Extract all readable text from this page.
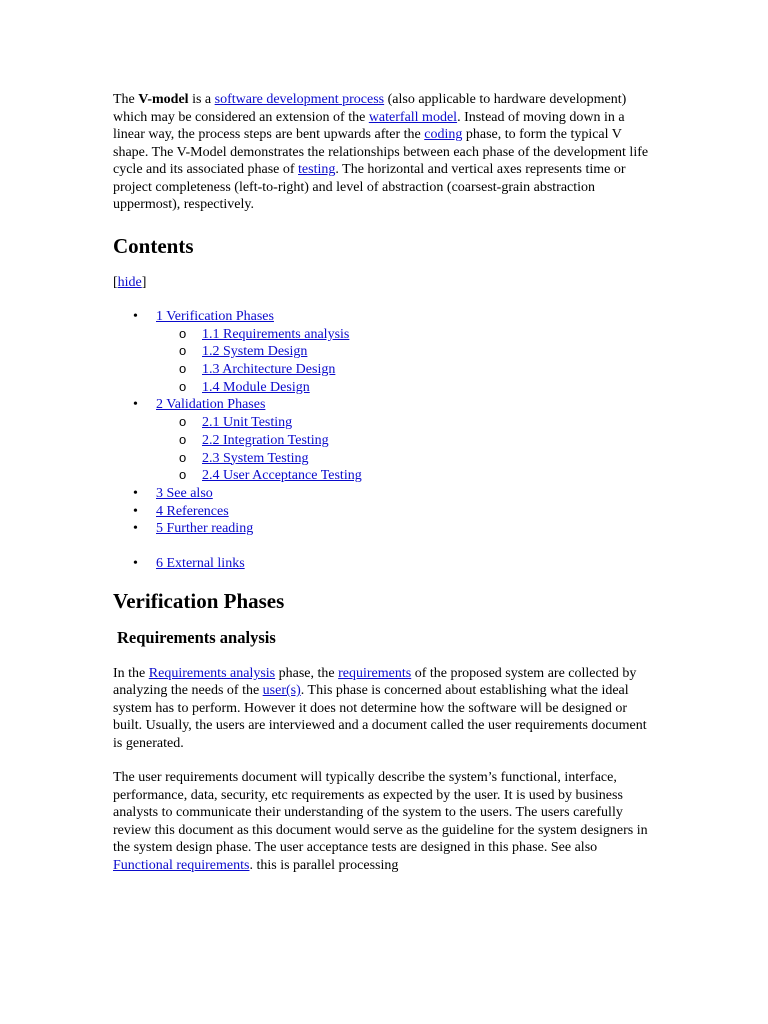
The V-model is a software development process (also applicable to hardware development) which may be considered an extension of the waterfall model. Instead of moving down in a linear way, the process steps are bent upwards after the coding phase, to form the typical V shape. The V-Model demonstrates the relationships between each phase of the development life cycle and its associated phase of testing. The horizontal and vertical axes represents time or project completeness (left-to-right) and level of abstraction (coarsest-grain abstraction uppermost), respectively.

Contents

[hide]

• 1 Verification Phases
o 1.1 Requirements analysis
o 1.2 System Design
o 1.3 Architecture Design
o 1.4 Module Design
• 2 Validation Phases
o 2.1 Unit Testing
o 2.2 Integration Testing
o 2.3 System Testing
o 2.4 User Acceptance Testing
• 3 See also
• 4 References
• 5 Further reading
• 6 External links
Verification Phases
Requirements analysis

In the Requirements analysis phase, the requirements of the proposed system are collected by analyzing the needs of the user(s). This phase is concerned about establishing what the ideal system has to perform. However it does not determine how the software will be designed or built. Usually, the users are interviewed and a document called the user requirements document is generated.

The user requirements document will typically describe the system’s functional, interface, performance, data, security, etc requirements as expected by the user. It is used by business analysts to communicate their understanding of the system to the users. The users carefully review this document as this document would serve as the guideline for the system designers in the system design phase. The user acceptance tests are designed in this phase. See also Functional requirements. this is parallel processing
